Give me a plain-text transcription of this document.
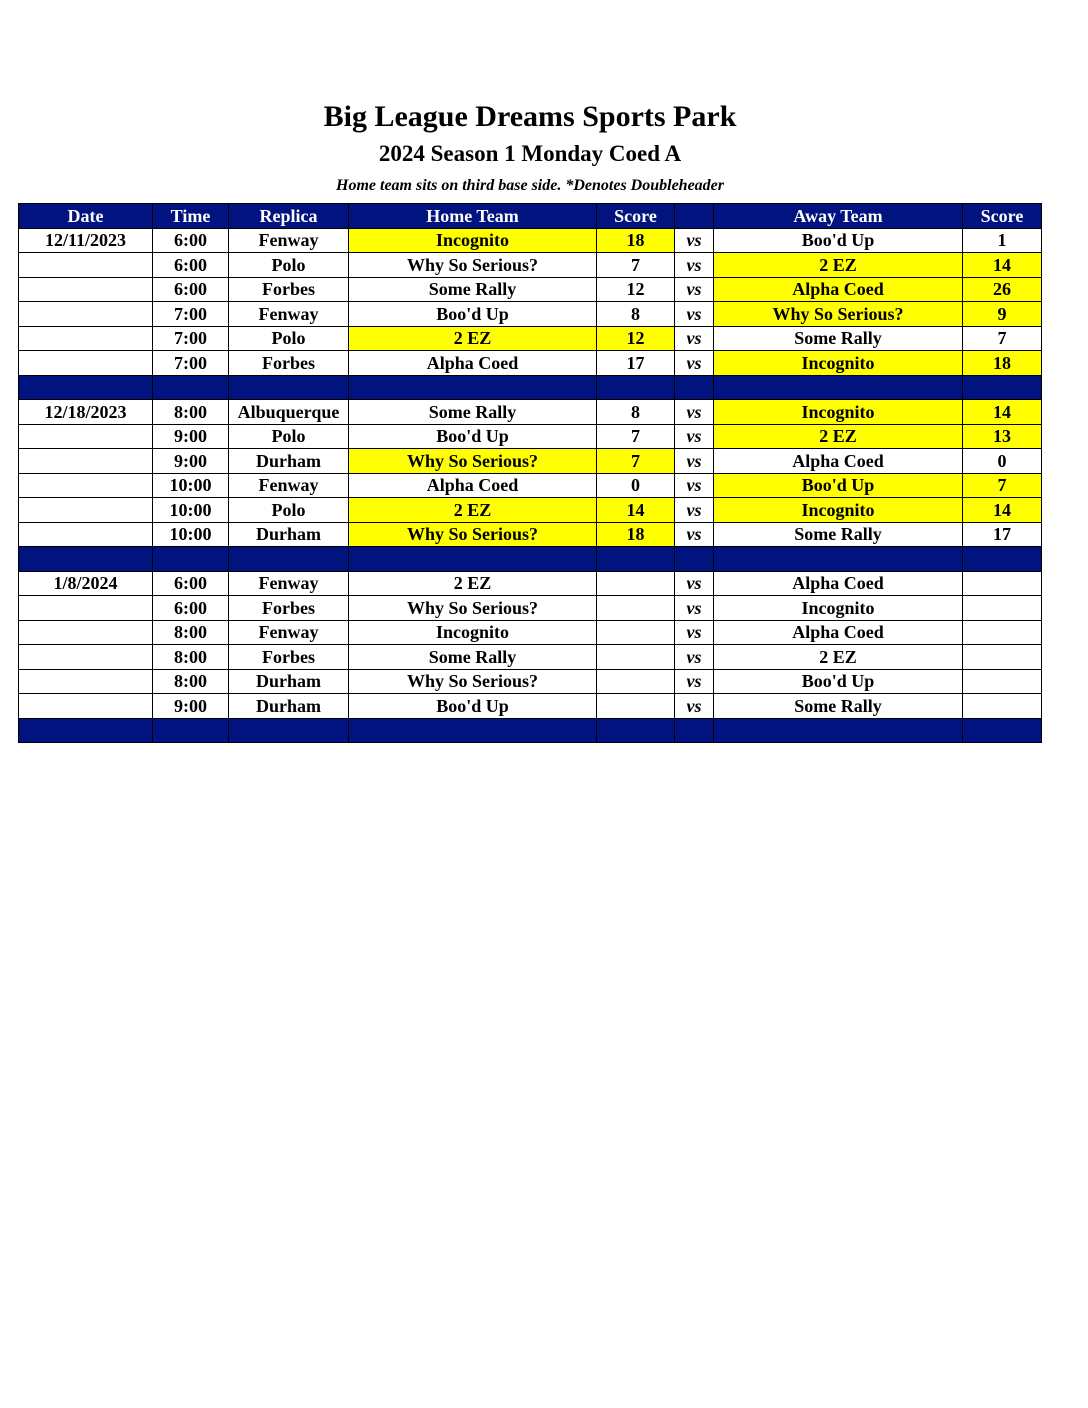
Big League Dreams Sports Park
2024 Season 1 Monday Coed A
Home team sits on third base side. *Denotes Doubleheader
Date	Time	Replica	Home Team	Score		Away Team	Score
12/11/2023	6:00	Fenway	Incognito	18	vs	Boo'd Up	1
	6:00	Polo	Why So Serious?	7	vs	2 EZ	14
	6:00	Forbes	Some Rally	12	vs	Alpha Coed	26
	7:00	Fenway	Boo'd Up	8	vs	Why So Serious?	9
	7:00	Polo	2 EZ	12	vs	Some Rally	7
	7:00	Forbes	Alpha Coed	17	vs	Incognito	18

12/18/2023	8:00	Albuquerque	Some Rally	8	vs	Incognito	14
	9:00	Polo	Boo'd Up	7	vs	2 EZ	13
	9:00	Durham	Why So Serious?	7	vs	Alpha Coed	0
	10:00	Fenway	Alpha Coed	0	vs	Boo'd Up	7
	10:00	Polo	2 EZ	14	vs	Incognito	14
	10:00	Durham	Why So Serious?	18	vs	Some Rally	17

1/8/2024	6:00	Fenway	2 EZ		vs	Alpha Coed	
	6:00	Forbes	Why So Serious?		vs	Incognito	
	8:00	Fenway	Incognito		vs	Alpha Coed	
	8:00	Forbes	Some Rally		vs	2 EZ	
	8:00	Durham	Why So Serious?		vs	Boo'd Up	
	9:00	Durham	Boo'd Up		vs	Some Rally	
